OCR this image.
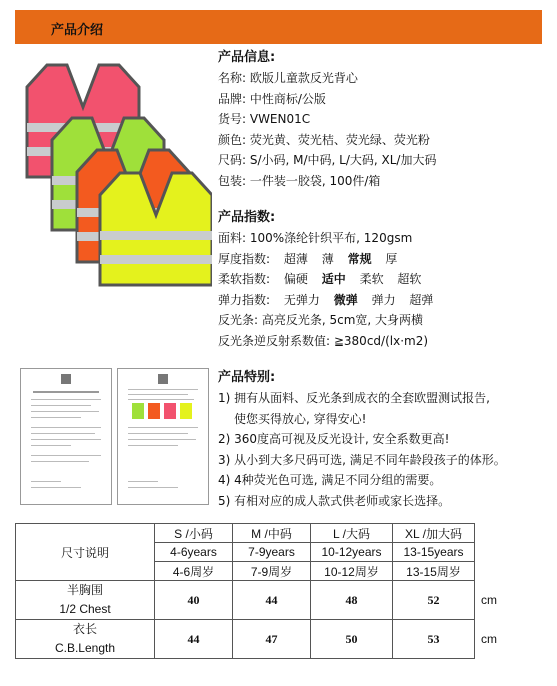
产品介绍
产品信息:
名称: 欧版儿童款反光背心
品牌: 中性商标/公版
货号: VWEN01C
颜色: 荧光黄、荧光桔、荧光绿、荧光粉
尺码: S/小码, M/中码, L/大码, XL/加大码
包装: 一件装一胶袋, 100件/箱
产品指数:
面料: 100%涤纶针织平布, 120gsm
厚度指数: 超薄 薄 常规 厚
柔软指数: 偏硬 适中 柔软 超软
弹力指数: 无弹力 微弹 弹力 超弹
反光条: 高亮反光条, 5cm宽, 大身两横
反光条逆反射系数值: ≧380cd/(lx·m2)
产品特别:
1) 拥有从面料、反光条到成衣的全套欧盟测试报告,
使您买得放心, 穿得安心!
2) 360度高可视及反光设计, 安全系数更高!
3) 从小到大多尺码可选, 满足不同年龄段孩子的体形。
4) 4种荧光色可选, 满足不同分组的需要。
5) 有相对应的成人款式供老师或家长选择。
尺寸说明	S /小码	M /中码	L /大码	XL /加大码	
	4-6years	7-9years	10-12years	13-15years	
	4-6周岁	7-9周岁	10-12周岁	13-15周岁	
半胸围
1/2 Chest	40	44	48	52	cm
衣长
C.B.Length	44	47	50	53	cm
